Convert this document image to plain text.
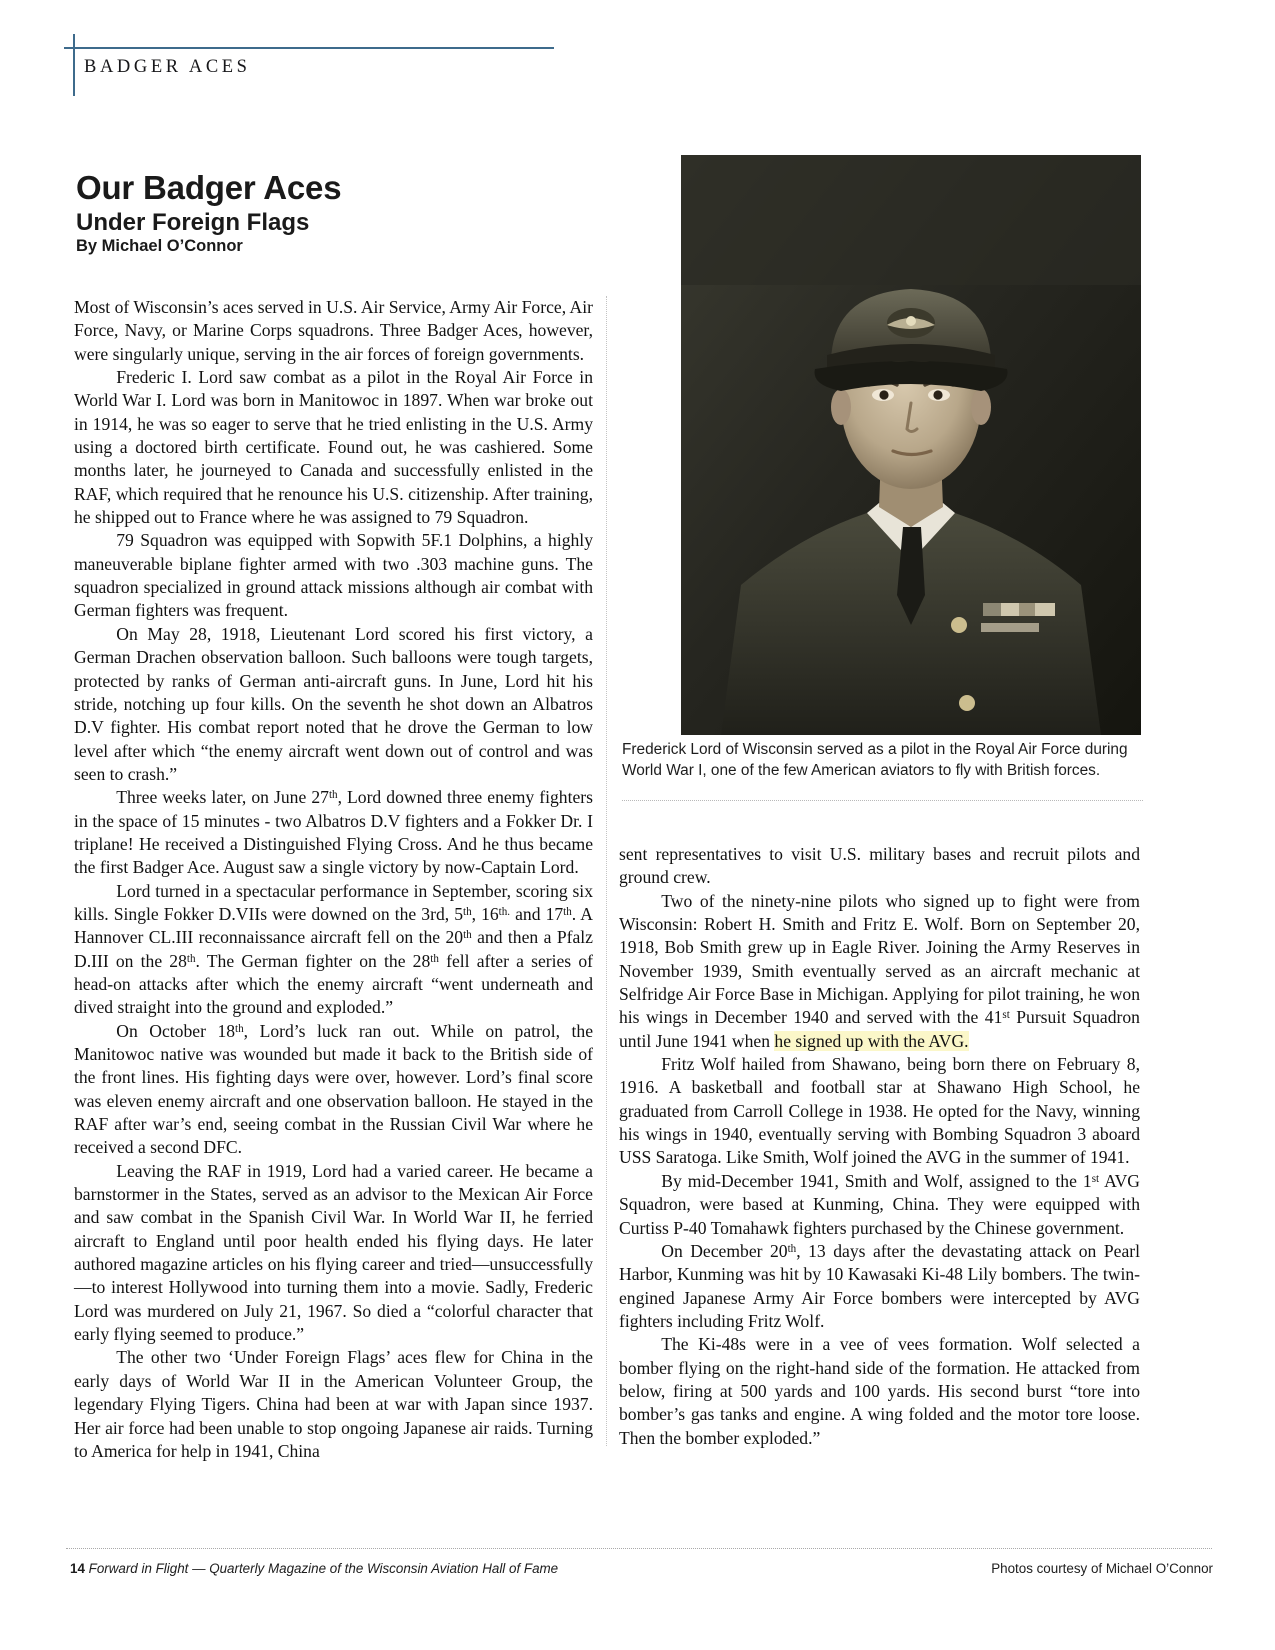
BADGER ACES
Our Badger Aces
Under Foreign Flags
By Michael O’Connor
Frederick Lord of Wisconsin served as a pilot in the Royal Air Force during World War I, one of the few American aviators to fly with British forces.

Most of Wisconsin’s aces served in U.S. Air Service, Army Air Force, Air Force, Navy, or Marine Corps squadrons. Three Badger Aces, however, were singularly unique, serving in the air forces of foreign governments.

Frederic I. Lord saw combat as a pilot in the Royal Air Force in World War I. Lord was born in Manitowoc in 1897. When war broke out in 1914, he was so eager to serve that he tried enlisting in the U.S. Army using a doctored birth certificate. Found out, he was cashiered. Some months later, he journeyed to Canada and successfully enlisted in the RAF, which required that he renounce his U.S. citizenship. After training, he shipped out to France where he was assigned to 79 Squadron.

79 Squadron was equipped with Sopwith 5F.1 Dolphins, a highly maneuverable biplane fighter armed with two .303 machine guns. The squadron specialized in ground attack missions although air combat with German fighters was frequent.

On May 28, 1918, Lieutenant Lord scored his first victory, a German Drachen observation balloon. Such balloons were tough targets, protected by ranks of German anti-aircraft guns. In June, Lord hit his stride, notching up four kills. On the seventh he shot down an Albatros D.V fighter. His combat report noted that he drove the German to low level after which “the enemy aircraft went down out of control and was seen to crash.”

Three weeks later, on June 27th, Lord downed three enemy fighters in the space of 15 minutes - two Albatros D.V fighters and a Fokker Dr. I triplane! He received a Distinguished Flying Cross. And he thus became the first Badger Ace. August saw a single victory by now-Captain Lord.

Lord turned in a spectacular performance in September, scoring six kills. Single Fokker D.VIIs were downed on the 3rd, 5th, $16^{th.}$ and 17th. A Hannover CL.III reconnaissance aircraft fell on the 20th and then a Pfalz D.III on the 28th. The German fighter on the 28th fell after a series of head-on attacks after which the enemy aircraft “went underneath and dived straight into the ground and exploded.”

On October 18th, Lord’s luck ran out. While on patrol, the Manitowoc native was wounded but made it back to the British side of the front lines. His fighting days were over, however. Lord’s final score was eleven enemy aircraft and one observation balloon. He stayed in the RAF after war’s end, seeing combat in the Russian Civil War where he received a second DFC.

Leaving the RAF in 1919, Lord had a varied career. He became a barnstormer in the States, served as an advisor to the Mexican Air Force and saw combat in the Spanish Civil War. In World War II, he ferried aircraft to England until poor health ended his flying days. He later authored magazine articles on his flying career and tried—unsuccessfully—to interest Hollywood into turning them into a movie. Sadly, Frederic Lord was murdered on July 21, 1967. So died a “colorful character that early flying seemed to produce.”

The other two ‘Under Foreign Flags’ aces flew for China in the early days of World War II in the American Volunteer Group, the legendary Flying Tigers. China had been at war with Japan since 1937. Her air force had been unable to stop ongoing Japanese air raids. Turning to America for help in 1941, China

sent representatives to visit U.S. military bases and recruit pilots and ground crew.

Two of the ninety-nine pilots who signed up to fight were from Wisconsin: Robert H. Smith and Fritz E. Wolf. Born on September 20, 1918, Bob Smith grew up in Eagle River. Joining the Army Reserves in November 1939, Smith eventually served as an aircraft mechanic at Selfridge Air Force Base in Michigan. Applying for pilot training, he won his wings in December 1940 and served with the 41st Pursuit Squadron until June 1941 when he signed up with the AVG.

Fritz Wolf hailed from Shawano, being born there on February 8, 1916. A basketball and football star at Shawano High School, he graduated from Carroll College in 1938. He opted for the Navy, winning his wings in 1940, eventually serving with Bombing Squadron 3 aboard USS Saratoga. Like Smith, Wolf joined the AVG in the summer of 1941.

By mid-December 1941, Smith and Wolf, assigned to the 1st AVG Squadron, were based at Kunming, China. They were equipped with Curtiss P-40 Tomahawk fighters purchased by the Chinese government.

On December 20th, 13 days after the devastating attack on Pearl Harbor, Kunming was hit by 10 Kawasaki Ki-48 Lily bombers. The twin-engined Japanese Army Air Force bombers were intercepted by AVG fighters including Fritz Wolf.

The Ki-48s were in a vee of vees formation. Wolf selected a bomber flying on the right-hand side of the formation. He attacked from below, firing at 500 yards and 100 yards. His second burst “tore into bomber’s gas tanks and engine. A wing folded and the motor tore loose. Then the bomber exploded.”

14 Forward in Flight — Quarterly Magazine of the Wisconsin Aviation Hall of Fame	Photos courtesy of Michael O’Connor
